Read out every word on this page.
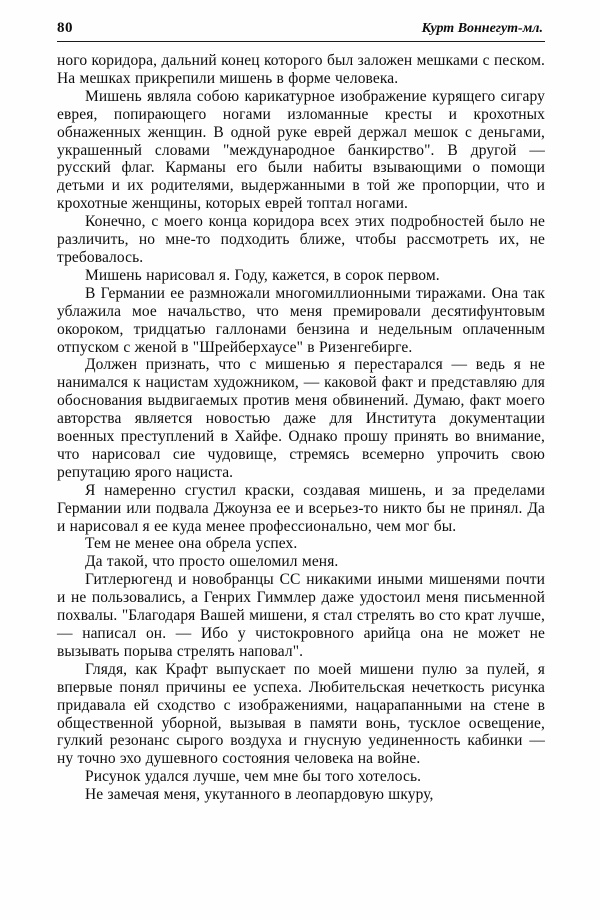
80	Курт Воннегут-мл.

ного коридора, дальний конец которого был заложен мешками с песком. На мешках прикрепили мишень в форме человека.

Мишень являла собою карикатурное изображение курящего сигару еврея, попирающего ногами изломанные кресты и крохотных обнаженных женщин. В одной руке еврей держал мешок с деньгами, украшенный словами "международное банкирство". В другой — русский флаг. Карманы его были набиты взывающими о помощи детьми и их родителями, выдержанными в той же пропорции, что и крохотные женщины, которых еврей топтал ногами.

Конечно, с моего конца коридора всех этих подробностей было не различить, но мне-то подходить ближе, чтобы рассмотреть их, не требовалось.

Мишень нарисовал я. Году, кажется, в сорок первом.

В Германии ее размножали многомиллионными тиражами. Она так ублажила мое начальство, что меня премировали десятифунтовым окороком, тридцатью галлонами бензина и недельным оплаченным отпуском с женой в "Шрейберхаусе" в Ризенгебирге.

Должен признать, что с мишенью я перестарался — ведь я не нанимался к нацистам художником, — каковой факт и представляю для обоснования выдвигаемых против меня обвинений. Думаю, факт моего авторства является новостью даже для Института документации военных преступлений в Хайфе. Однако прошу принять во внимание, что нарисовал сие чудовище, стремясь всемерно упрочить свою репутацию ярого нациста.

Я намеренно сгустил краски, создавая мишень, и за пределами Германии или подвала Джоунза ее и всерьез-то никто бы не принял. Да и нарисовал я ее куда менее профессионально, чем мог бы.

Тем не менее она обрела успех.

Да такой, что просто ошеломил меня.

Гитлерюгенд и новобранцы СС никакими иными мишенями почти и не пользовались, а Генрих Гиммлер даже удостоил меня письменной похвалы. "Благодаря Вашей мишени, я стал стрелять во сто крат лучше, — написал он. — Ибо у чистокровного арийца она не может не вызывать порыва стрелять наповал".

Глядя, как Крафт выпускает по моей мишени пулю за пулей, я впервые понял причины ее успеха. Любительская нечеткость рисунка придавала ей сходство с изображениями, нацарапанными на стене в общественной уборной, вызывая в памяти вонь, тусклое освещение, гулкий резонанс сырого воздуха и гнусную уединенность кабинки — ну точно эхо душевного состояния человека на войне.

Рисунок удался лучше, чем мне бы того хотелось.

Не замечая меня, укутанного в леопардовую шкуру,
